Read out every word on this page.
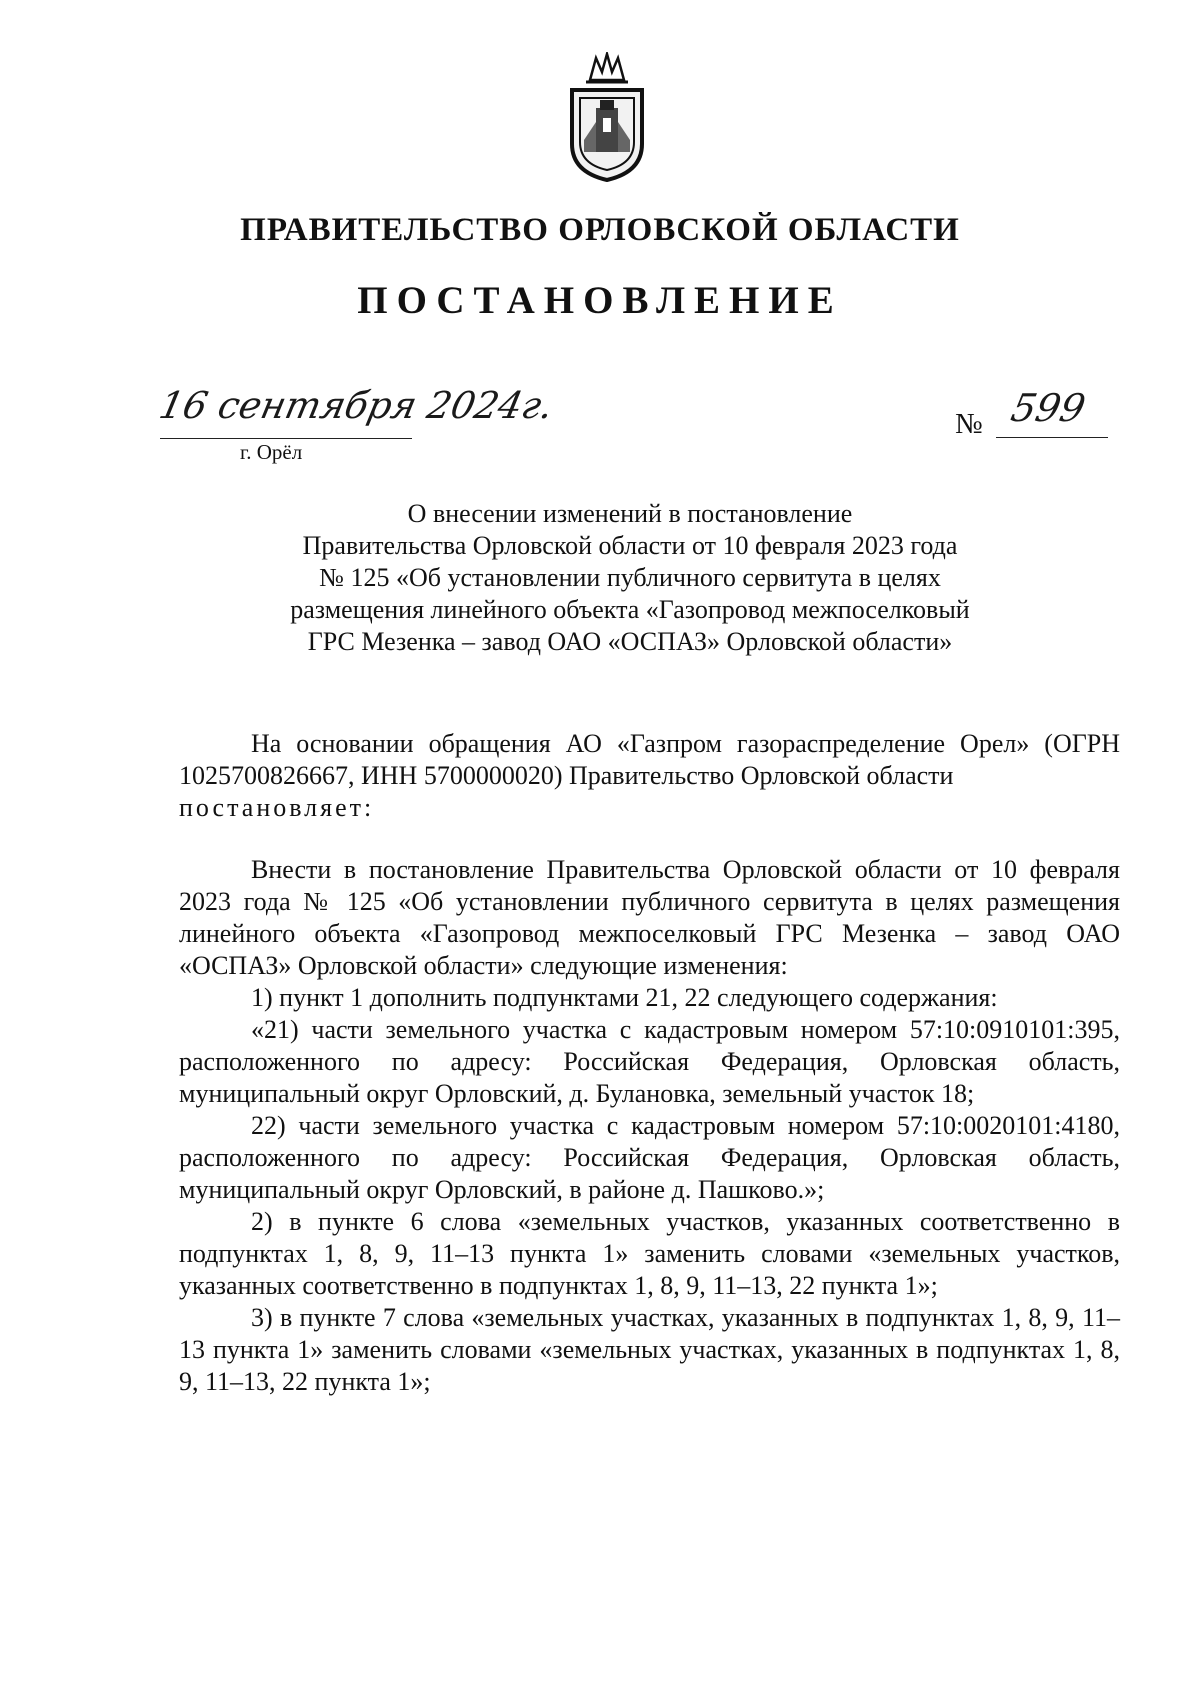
ПРАВИТЕЛЬСТВО ОРЛОВСКОЙ ОБЛАСТИ
ПОСТАНОВЛЕНИЕ
16 сентября 2024г.
г. Орёл
№ 599
О внесении изменений в постановление
Правительства Орловской области от 10 февраля 2023 года
№ 125 «Об установлении публичного сервитута в целях
размещения линейного объекта «Газопровод межпоселковый
ГРС Мезенка – завод ОАО «ОСПАЗ» Орловской области»
На основании обращения АО «Газпром газораспределение Орел» (ОГРН 1025700826667, ИНН 5700000020) Правительство Орловской области
постановляет:
Внести в постановление Правительства Орловской области от 10 февраля 2023 года № 125 «Об установлении публичного сервитута в целях размещения линейного объекта «Газопровод межпоселковый ГРС Мезенка – завод ОАО «ОСПАЗ» Орловской области» следующие изменения:
1) пункт 1 дополнить подпунктами 21, 22 следующего содержания:
«21) части земельного участка с кадастровым номером 57:10:0910101:395, расположенного по адресу: Российская Федерация, Орловская область, муниципальный округ Орловский, д. Булановка, земельный участок 18;
22) части земельного участка с кадастровым номером 57:10:0020101:4180, расположенного по адресу: Российская Федерация, Орловская область, муниципальный округ Орловский, в районе д. Пашково.»;
2) в пункте 6 слова «земельных участков, указанных соответственно в подпунктах 1, 8, 9, 11–13 пункта 1» заменить словами «земельных участков, указанных соответственно в подпунктах 1, 8, 9, 11–13, 22 пункта 1»;
3) в пункте 7 слова «земельных участках, указанных в подпунктах 1, 8, 9, 11–13 пункта 1» заменить словами «земельных участках, указанных в подпунктах 1, 8, 9, 11–13, 22 пункта 1»;
